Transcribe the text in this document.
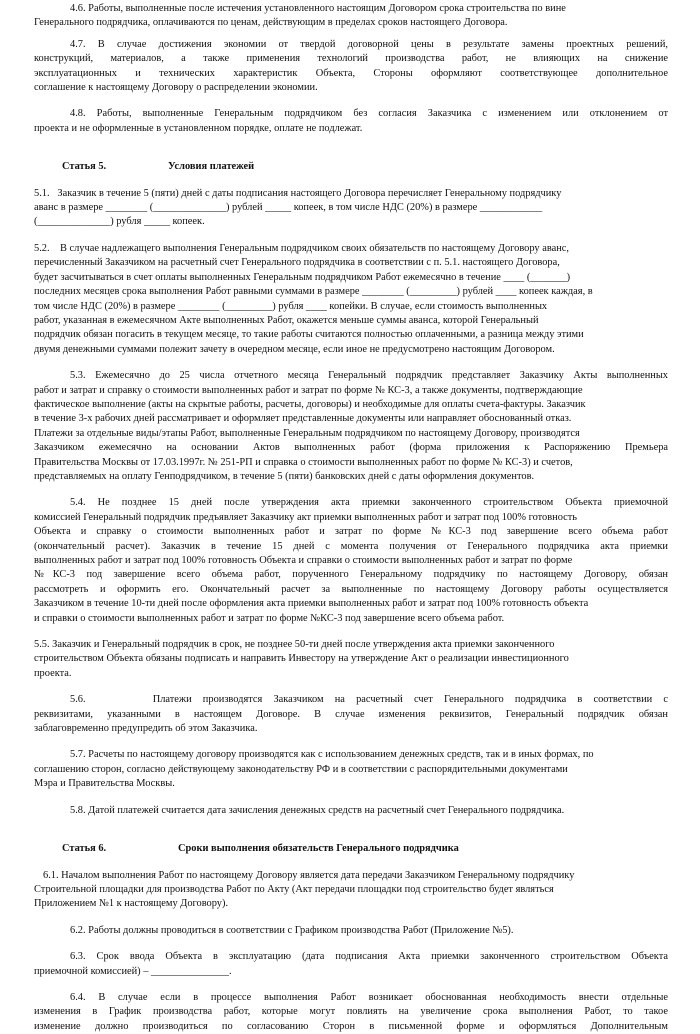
4.6. Работы, выполненные после истечения установленного настоящим Договором срока строительства по вине
Генерального подрядчика, оплачиваются по ценам, действующим в пределах сроков настоящего Договора.
4.7. В случае достижения экономии от твердой договорной цены в результате замены проектных решений,
конструкций, материалов, а также применения технологий производства работ, не влияющих на снижение
эксплуатационных и технических характеристик Объекта, Стороны оформляют соответствующее дополнительное
соглашение к настоящему Договору о распределении экономии.
4.8. Работы, выполненные Генеральным подрядчиком без согласия Заказчика с изменением или отклонением от
проекта и не оформленные в установленном порядке, оплате не подлежат.
Статья 5.	Условия платежей
5.1.   Заказчик в течение 5 (пяти) дней с даты подписания настоящего Договора перечисляет Генеральному подрядчику
аванс в размере ________ (______________) рублей _____ копеек, в том числе НДС (20%) в размере ____________
(______________) рубля _____ копеек.
5.2.    В случае надлежащего выполнения Генеральным подрядчиком своих обязательств по настоящему Договору аванс,
перечисленный Заказчиком на расчетный счет Генерального подрядчика в соответствии с п. 5.1. настоящего Договора,
будет засчитываться в счет оплаты выполненных Генеральным подрядчиком Работ ежемесячно в течение ____ (_______)
последних месяцев срока выполнения Работ равными суммами в размере ________ (_________) рублей ____ копеек каждая, в
том числе НДС (20%) в размере ________ (_________) рубля ____ копейки. В случае, если стоимость выполненных
работ, указанная в ежемесячном Акте выполненных Работ, окажется меньше суммы аванса, которой Генеральный
подрядчик обязан погасить в текущем месяце, то такие работы считаются полностью оплаченными, а разница между этими
двумя денежными суммами полежит зачету в очередном месяце, если иное не предусмотрено настоящим Договором.
5.3. Ежемесячно до 25 числа отчетного месяца Генеральный подрядчик представляет Заказчику Акты выполненных
работ и затрат и справку о стоимости выполненных работ и затрат по форме № КС-3, а также документы, подтверждающие
фактическое выполнение (акты на скрытые работы, расчеты, договоры) и необходимые для оплаты счета-фактуры. Заказчик
в течение 3-х рабочих дней рассматривает и оформляет представленные документы или направляет обоснованный отказ.
Платежи за отдельные виды/этапы Работ, выполненные Генеральным подрядчиком по настоящему Договору, производятся
Заказчиком ежемесячно на основании Актов выполненных работ (форма приложения к Распоряжению Премьера
Правительства Москвы от 17.03.1997г. № 251-РП и справка о стоимости выполненных работ по форме № КС-3) и счетов,
представляемых на оплату Генподрядчиком, в течение 5 (пяти) банковских дней с даты оформления документов.
5.4. Не позднее 15 дней после утверждения акта приемки законченного строительством Объекта приемочной
комиссией Генеральный подрядчик предъявляет Заказчику акт приемки выполненных работ и затрат под 100% готовность
Объекта и справку о стоимости выполненных работ и затрат по форме №КС-3 под завершение всего объема работ
(окончательный расчет). Заказчик в течение 15 дней с момента получения от Генерального подрядчика акта приемки
выполненных работ и затрат под 100% готовность Объекта и справки о стоимости выполненных работ и затрат по форме
№КС-3 под завершение всего объема работ, порученного Генеральному подрядчику по настоящему Договору, обязан
рассмотреть и оформить его. Окончательный расчет за выполненные по настоящему Договору работы осуществляется
Заказчиком в течение 10-ти дней после оформления акта приемки выполненных работ и затрат под 100% готовность объекта
и справки о стоимости выполненных работ и затрат по форме №КС-3 под завершение всего объема работ.
5.5. Заказчик и Генеральный подрядчик в срок, не позднее 50-ти дней после утверждения акта приемки законченного
строительством Объекта обязаны подписать и направить Инвестору на утверждение Акт о реализации инвестиционного
проекта.
5.6.      Платежи производятся Заказчиком на расчетный счет Генерального подрядчика в соответствии с
реквизитами, указанными в настоящем Договоре. В случае изменения реквизитов, Генеральный подрядчик обязан
заблаговременно предупредить об этом Заказчика.
5.7. Расчеты по настоящему договору производятся как с использованием денежных средств, так и в иных формах, по
соглашению сторон, согласно действующему законодательству РФ и в соответствии с распорядительными документами
Мэра и Правительства Москвы.
5.8. Датой платежей считается дата зачисления денежных средств на расчетный счет Генерального подрядчика.
Статья 6.	Сроки выполнения обязательств Генерального подрядчика
6.1. Началом выполнения Работ по настоящему Договору является дата передачи Заказчиком Генеральному подрядчику
Строительной площадки для производства Работ по Акту (Акт передачи площадки под строительство будет являться
Приложением №1 к настоящему Договору).
6.2. Работы должны проводиться в соответствии с Графиком производства Работ (Приложение №5).
6.3. Срок ввода Объекта в эксплуатацию (дата подписания Акта приемки законченного строительством Объекта
приемочной комиссией) – _______________.
6.4. В случае если в процессе выполнения Работ возникает обоснованная необходимость внести отдельные
изменения в График производства работ, которые могут повлиять на увеличение срока выполнения Работ, то такое
изменение должно производиться по согласованию Сторон в письменной форме и оформляться Дополнительным
